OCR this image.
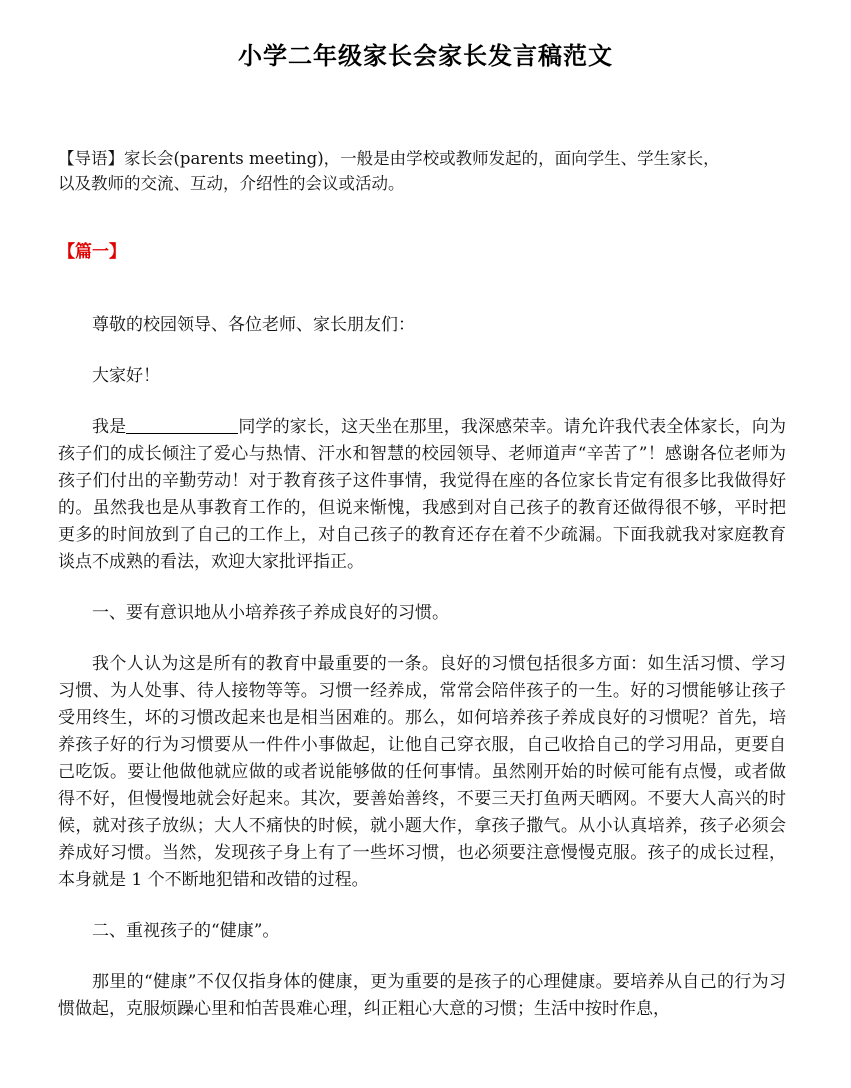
小学二年级家长会家长发言稿范文

【导语】家长会(parents meeting)，一般是由学校或教师发起的，面向学生、学生家长，

以及教师的交流、互动，介绍性的会议或活动。

【篇一】

尊敬的校园领导、各位老师、家长朋友们：

大家好！

我是	同学的家长，这天坐在那里，我深感荣幸。请允许我代表全体家长，向为孩子们的成长倾注了爱心与热情、汗水和智慧的校园领导、老师道声“辛苦了”！感谢各位老师为孩子们付出的辛勤劳动！对于教育孩子这件事情，我觉得在座的各位家长肯定有很多比我做得好的。虽然我也是从事教育工作的，但说来惭愧，我感到对自己孩子的教育还做得很不够，平时把更多的时间放到了自己的工作上，对自己孩子的教育还存在着不少疏漏。下面我就我对家庭教育谈点不成熟的看法，欢迎大家批评指正。

一、要有意识地从小培养孩子养成良好的习惯。

我个人认为这是所有的教育中最重要的一条。良好的习惯包括很多方面：如生活习惯、学习习惯、为人处事、待人接物等等。习惯一经养成，常常会陪伴孩子的一生。好的习惯能够让孩子受用终生，坏的习惯改起来也是相当困难的。那么，如何培养孩子养成良好的习惯呢？首先，培养孩子好的行为习惯要从一件件小事做起，让他自己穿衣服，自己收拾自己的学习用品，更要自己吃饭。要让他做他就应做的或者说能够做的任何事情。虽然刚开始的时候可能有点慢，或者做得不好，但慢慢地就会好起来。其次，要善始善终，不要三天打鱼两天晒网。不要大人高兴的时候，就对孩子放纵；大人不痛快的时候，就小题大作，拿孩子撒气。从小认真培养，孩子必须会养成好习惯。当然，发现孩子身上有了一些坏习惯，也必须要注意慢慢克服。孩子的成长过程，本身就是 1 个不断地犯错和改错的过程。

二、重视孩子的“健康”。

那里的“健康”不仅仅指身体的健康，更为重要的是孩子的心理健康。要培养从自己的行为习惯做起，克服烦躁心里和怕苦畏难心理，纠正粗心大意的习惯；生活中按时作息，
